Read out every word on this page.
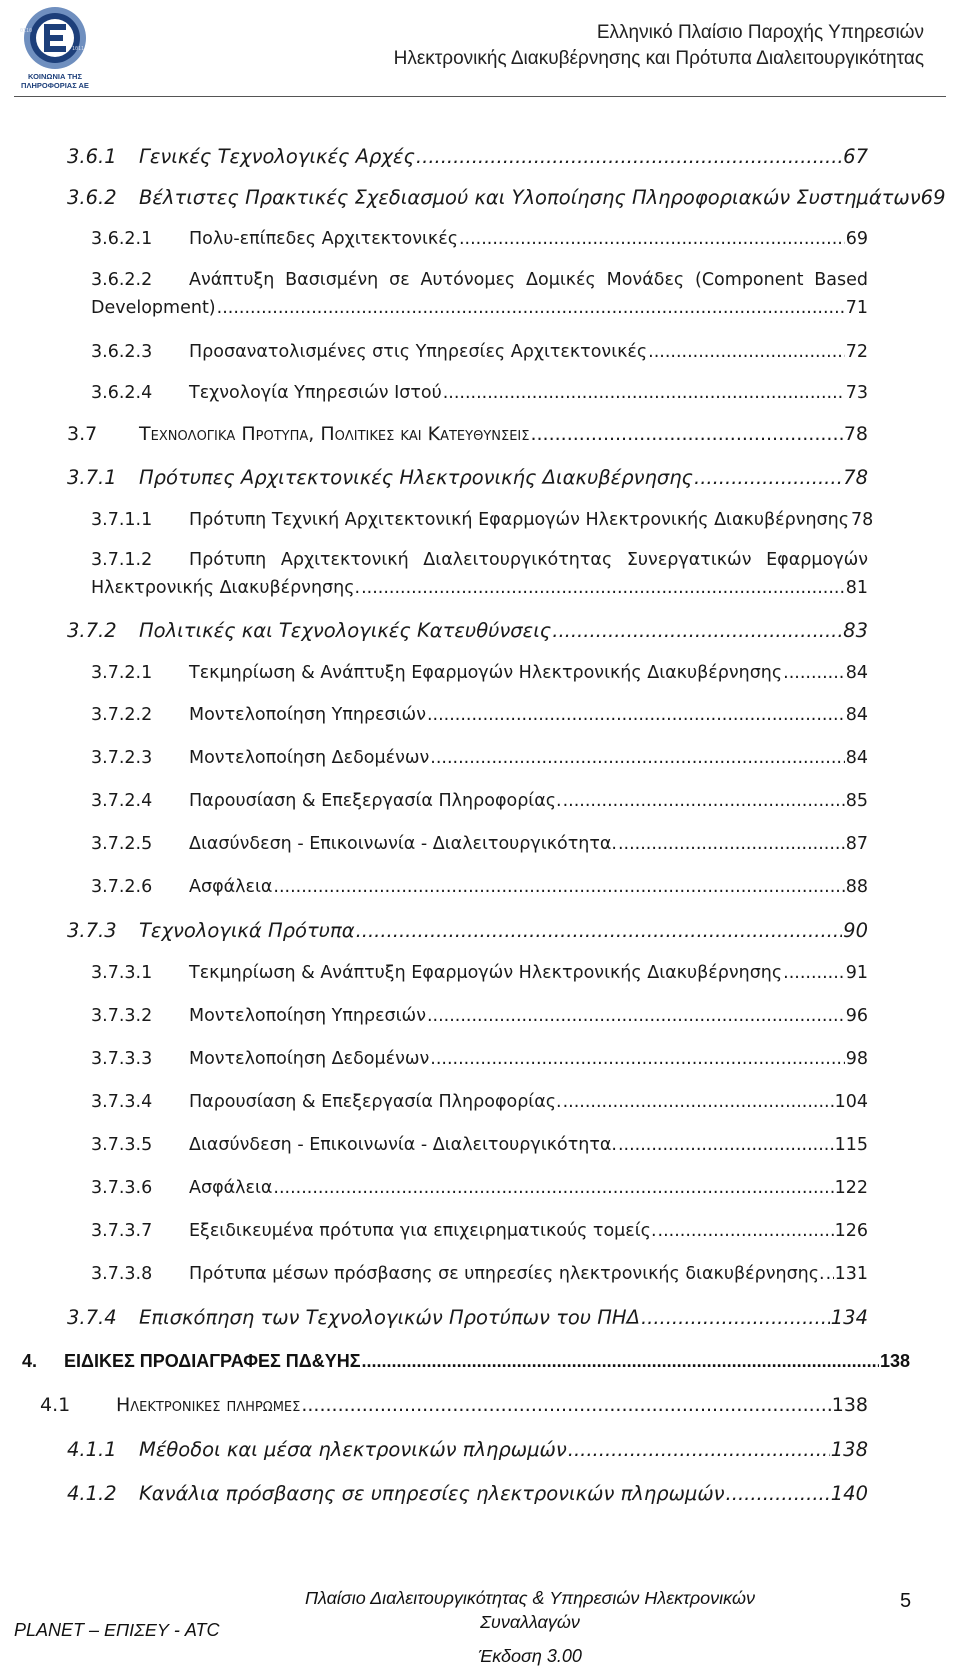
0110
1011
ΚΟΙΝΩΝΙΑ ΤΗΣ
ΠΛΗΡΟΦΟΡΙΑΣ ΑΕ
Ελληνικό Πλαίσιο Παροχής Υπηρεσιών
Ηλεκτρονικής Διακυβέρνησης και Πρότυπα Διαλειτουργικότητας
3.6.1	Γενικές Τεχνολογικές Αρχές .....	67
3.6.2	Βέλτιστες Πρακτικές Σχεδιασμού και Υλοποίησης Πληροφοριακών Συστημάτων 69
3.6.2.1	Πολυ-επίπεδες Αρχιτεκτονικές .....	69
3.6.2.2	Ανάπτυξη Βασισμένη σε Αυτόνομες Δομικές Μονάδες (Component Based
Development) .....	71
3.6.2.3	Προσανατολισμένες στις Υπηρεσίες Αρχιτεκτονικές .....	72
3.6.2.4	Τεχνολογία Υπηρεσιών Ιστού .....	73
3.7	Τεχνολογικα Προτυπα, Πολιτικες και Κατευθυνσεις .....	78
3.7.1	Πρότυπες Αρχιτεκτονικές Ηλεκτρονικής Διακυβέρνησης .....	78
3.7.1.1	Πρότυπη Τεχνική Αρχιτεκτονική Εφαρμογών Ηλεκτρονικής Διακυβέρνησης 78
3.7.1.2	Πρότυπη Αρχιτεκτονική Διαλειτουργικότητας Συνεργατικών Εφαρμογών
Ηλεκτρονικής Διακυβέρνησης. .....	81
3.7.2	Πολιτικές και Τεχνολογικές Κατευθύνσεις .....	83
3.7.2.1	Τεκμηρίωση & Ανάπτυξη Εφαρμογών Ηλεκτρονικής Διακυβέρνησης .....	84
3.7.2.2	Μοντελοποίηση Υπηρεσιών .....	84
3.7.2.3	Μοντελοποίηση Δεδομένων .....	84
3.7.2.4	Παρουσίαση & Επεξεργασία Πληροφορίας. .....	85
3.7.2.5	Διασύνδεση - Επικοινωνία - Διαλειτουργικότητα. .....	87
3.7.2.6	Ασφάλεια .....	88
3.7.3	Τεχνολογικά Πρότυπα .....	90
3.7.3.1	Τεκμηρίωση & Ανάπτυξη Εφαρμογών Ηλεκτρονικής Διακυβέρνησης .....	91
3.7.3.2	Μοντελοποίηση Υπηρεσιών .....	96
3.7.3.3	Μοντελοποίηση Δεδομένων .....	98
3.7.3.4	Παρουσίαση & Επεξεργασία Πληροφορίας. .....	104
3.7.3.5	Διασύνδεση - Επικοινωνία - Διαλειτουργικότητα. .....	115
3.7.3.6	Ασφάλεια .....	122
3.7.3.7	Εξειδικευμένα πρότυπα για επιχειρηματικούς τομείς. .....	126
3.7.3.8	Πρότυπα μέσων πρόσβασης σε υπηρεσίες ηλεκτρονικής διακυβέρνησης. ..... 131
3.7.4	Επισκόπηση των Τεχνολογικών Προτύπων του ΠΗΔ .....	134
4.	ΕΙΔΙΚΕΣ ΠΡΟΔΙΑΓΡΑΦΕΣ ΠΔ&ΥΗΣ .....	138
4.1	Ηλεκτρονικες πληρωμες .....	138
4.1.1	Μέθοδοι και μέσα ηλεκτρονικών πληρωμών .....	138
4.1.2	Κανάλια πρόσβασης σε υπηρεσίες ηλεκτρονικών πληρωμών .....	140
PLANET – ΕΠΙΣΕΥ - ATC
Πλαίσιο Διαλειτουργικότητας & Υπηρεσιών Ηλεκτρονικών
Συναλλαγών
Έκδοση 3.00
5
